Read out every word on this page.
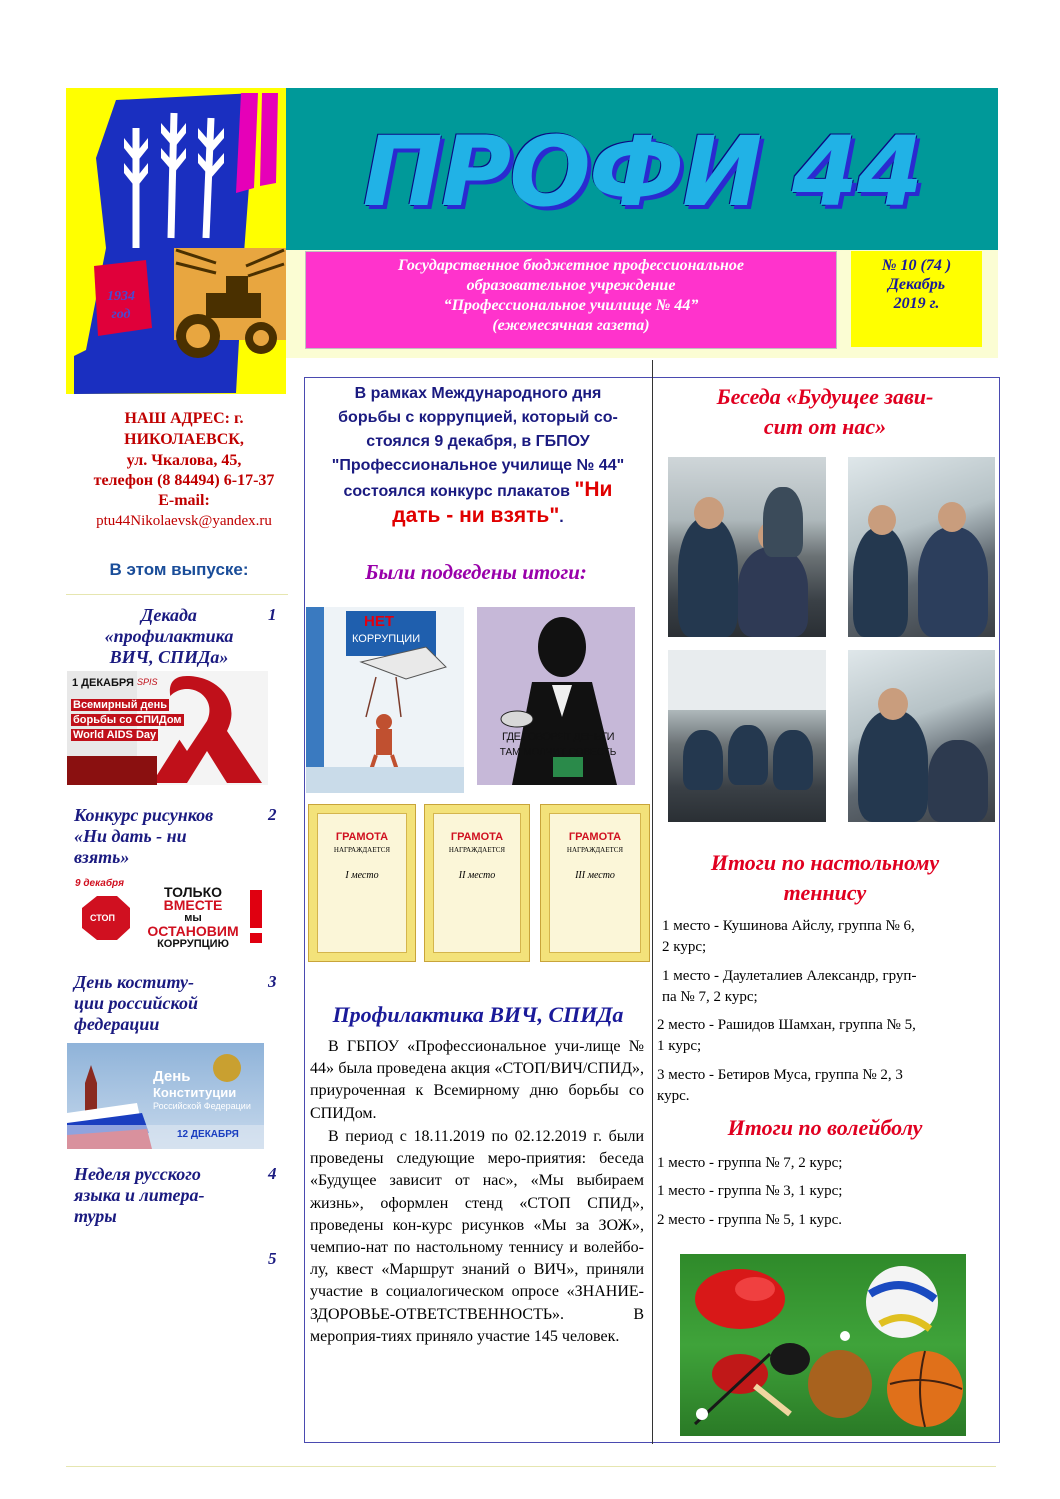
1934
год
ПРОФИ 44
Государственное бюджетное профессиональное
образовательное учреждение
“Профессиональное училище № 44”
(ежемесячная газета)
№ 10 (74 )
Декабрь
2019 г.
НАШ АДРЕС: г.
НИКОЛАЕВСК,
ул. Чкалова, 45,
телефон (8 84494) 6-17-37
E-mail:
ptu44Nikolaevsk@yandex.ru
В этом выпуске:
Декада
«профилактика
ВИЧ, СПИДа»
1
1 ДЕКАБРЯ SPIS
Всемирный день
борьбы со СПИДом
World AIDS Day
Конкурс рисунков
«Ни дать - ни
взять»
2
9 декабря
СТОП
ТОЛЬКО
ВМЕСТЕ
мы
ОСТАНОВИМ
КОРРУПЦИЮ
День коститу-
ции российской
федерации
3
День
Конституции
Российской Федерации
12 ДЕКАБРЯ
Неделя русского
языка и литера-
туры
4
5
В рамках Международного дня
борьбы с коррупцией, который со-
стоялся 9 декабря, в ГБПОУ
"Профессиональное училище № 44"
состоялся конкурс плакатов "Ни
дать - ни взять".
Были подведены итоги:
НЕТ
КОРРУПЦИИ
ГДЕ ГОВОРЯТ ДЕНЬГИ
ТАМ МОЛЧИТ СОВЕСТЬ
ГРАМОТА
НАГРАЖДАЕТСЯ
I место
ГРАМОТА
НАГРАЖДАЕТСЯ
II место
ГРАМОТА
НАГРАЖДАЕТСЯ
III место
Профилактика ВИЧ, СПИДа
В ГБПОУ «Профессиональное учи-лище № 44» была проведена акция «СТОП/ВИЧ/СПИД», приуроченная к Всемирному дню борьбы со СПИДом.
В период с 18.11.2019 по 02.12.2019 г. были проведены следующие меро-приятия: беседа «Будущее зависит от нас», «Мы выбираем жизнь», оформлен стенд «СТОП СПИД», проведены кон-курс рисунков «Мы за ЗОЖ», чемпио-нат по настольному теннису и волейбо-лу, квест «Маршрут знаний о ВИЧ», приняли участие в социалогическом опросе «ЗНАНИЕ-ЗДОРОВЬЕ-ОТВЕТСТВЕННОСТЬ». В мероприя-тиях приняло участие 145 человек.
Беседа «Будущее зави-
сит от нас»
Итоги по настольному
теннису
1 место - Кушинова Айслу, группа № 6,
2 курс;
1 место - Даулеталиев Александр, груп-
па № 7, 2 курс;
2 место - Рашидов Шамхан, группа № 5,
1 курс;
3 место - Бетиров Муса, группа № 2, 3
курс.
Итоги по волейболу
1 место - группа № 7, 2 курс;
1 место - группа № 3, 1 курс;
2 место - группа № 5, 1 курс.
